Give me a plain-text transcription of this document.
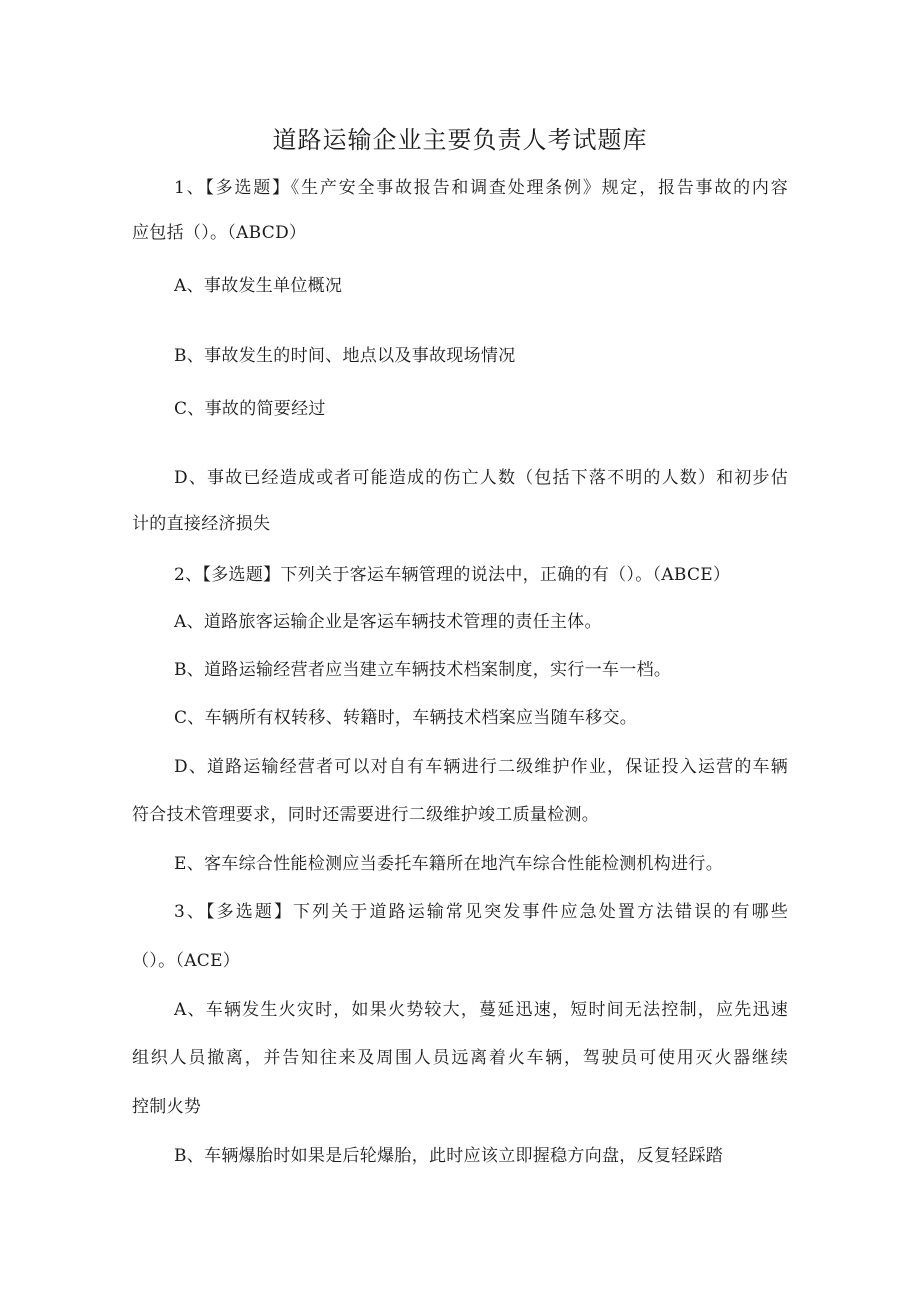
道路运输企业主要负责人考试题库
1、【多选题】《生产安全事故报告和调查处理条例》规定，报告事故的内容
应包括（）。（ABCD）
A、事故发生单位概况
B、事故发生的时间、地点以及事故现场情况
C、事故的简要经过
D、事故已经造成或者可能造成的伤亡人数（包括下落不明的人数）和初步估
计的直接经济损失
2、【多选题】下列关于客运车辆管理的说法中，正确的有（）。（ABCE）
A、道路旅客运输企业是客运车辆技术管理的责任主体。
B、道路运输经营者应当建立车辆技术档案制度，实行一车一档。
C、车辆所有权转移、转籍时，车辆技术档案应当随车移交。
D、道路运输经营者可以对自有车辆进行二级维护作业，保证投入运营的车辆
符合技术管理要求，同时还需要进行二级维护竣工质量检测。
E、客车综合性能检测应当委托车籍所在地汽车综合性能检测机构进行。
3、【多选题】下列关于道路运输常见突发事件应急处置方法错误的有哪些
（）。（ACE）
A、车辆发生火灾时，如果火势较大，蔓延迅速，短时间无法控制，应先迅速
组织人员撤离，并告知往来及周围人员远离着火车辆，驾驶员可使用灭火器继续
控制火势
B、车辆爆胎时如果是后轮爆胎，此时应该立即握稳方向盘，反复轻踩踏
